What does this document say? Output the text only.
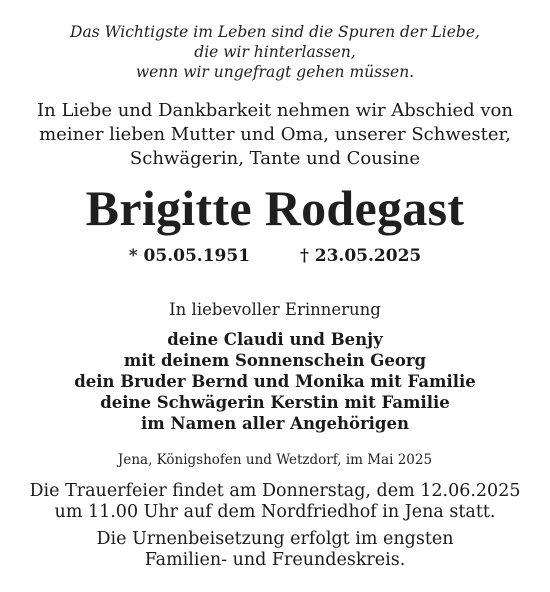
Das Wichtigste im Leben sind die Spuren der Liebe,
die wir hinterlassen,
wenn wir ungefragt gehen müssen.
In Liebe und Dankbarkeit nehmen wir Abschied von
meiner lieben Mutter und Oma, unserer Schwester,
Schwägerin, Tante und Cousine
Brigitte Rodegast
* 05.05.1951	† 23.05.2025
In liebevoller Erinnerung
deine Claudi und Benjy
mit deinem Sonnenschein Georg
dein Bruder Bernd und Monika mit Familie
deine Schwägerin Kerstin mit Familie
im Namen aller Angehörigen
Jena, Königshofen und Wetzdorf, im Mai 2025
Die Trauerfeier findet am Donnerstag, dem 12.06.2025
um 11.00 Uhr auf dem Nordfriedhof in Jena statt.
Die Urnenbeisetzung erfolgt im engsten
Familien- und Freundeskreis.
